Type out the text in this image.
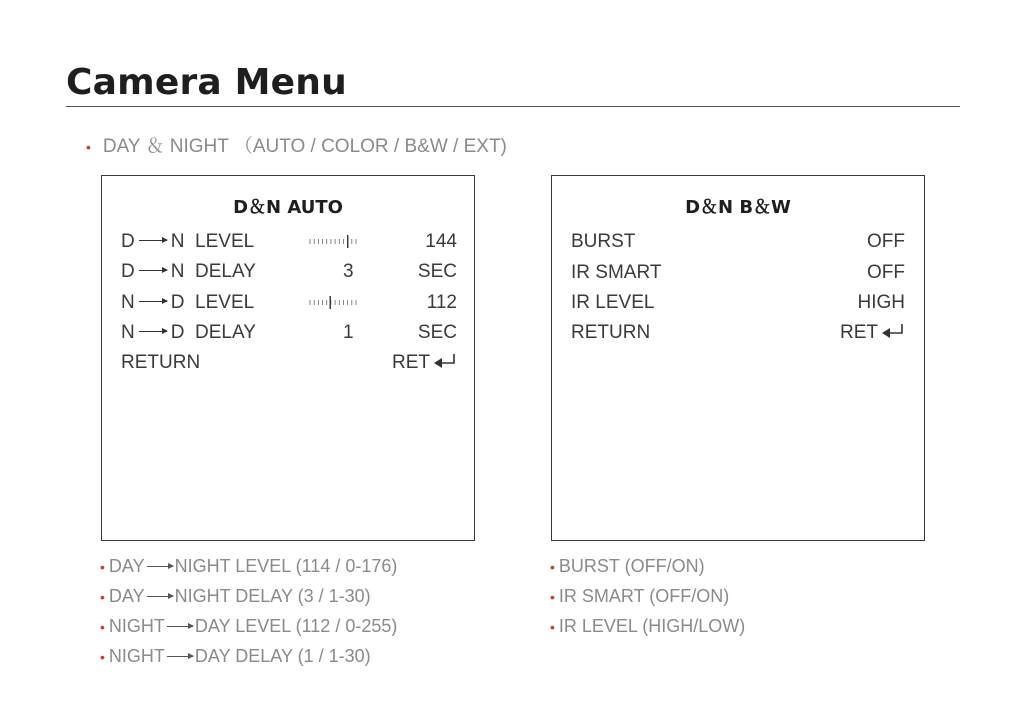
Camera Menu
• DAY ＆ NIGHT （AUTO / COLOR / B&W / EXT)
D＆N AUTO
D N LEVEL	144
D N DELAY	3	SEC
N D LEVEL	112
N D DELAY	1	SEC
RETURN	RET
D＆N B＆W
BURST	OFF
IR SMART	OFF
IR LEVEL	HIGH
RETURN	RET
• DAY NIGHT LEVEL (114 / 0-176)
• DAY NIGHT DELAY (3 / 1-30)
• NIGHT DAY LEVEL (112 / 0-255)
• NIGHT DAY DELAY (1 / 1-30)
• BURST (OFF/ON)
• IR SMART (OFF/ON)
• IR LEVEL (HIGH/LOW)
